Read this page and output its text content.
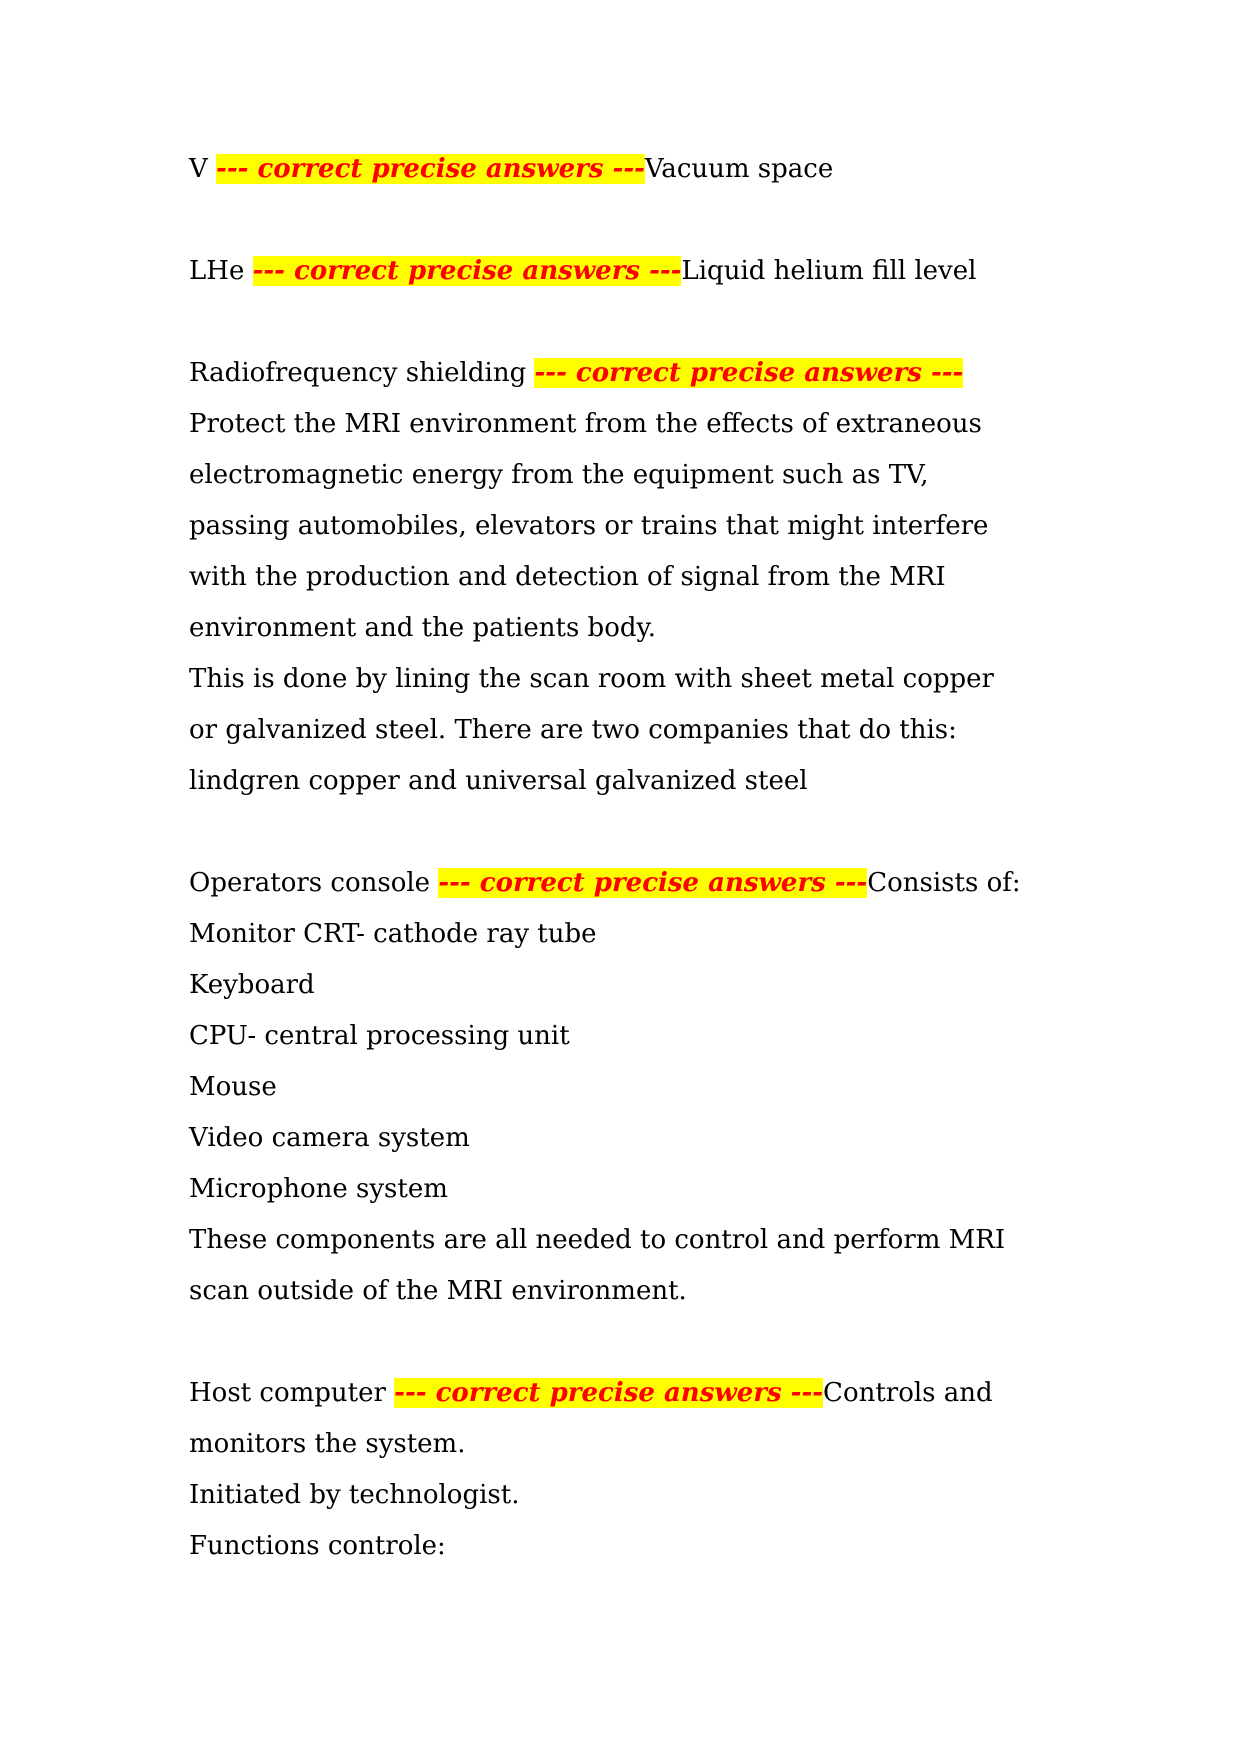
V --- correct precise answers ---Vacuum space
LHe --- correct precise answers ---Liquid helium fill level
Radiofrequency shielding --- correct precise answers ---
Protect the MRI environment from the effects of extraneous
electromagnetic energy from the equipment such as TV,
passing automobiles, elevators or trains that might interfere
with the production and detection of signal from the MRI
environment and the patients body.
This is done by lining the scan room with sheet metal copper
or galvanized steel. There are two companies that do this:
lindgren copper and universal galvanized steel
Operators console --- correct precise answers ---Consists of:
Monitor CRT- cathode ray tube
Keyboard
CPU- central processing unit
Mouse
Video camera system
Microphone system
These components are all needed to control and perform MRI
scan outside of the MRI environment.
Host computer --- correct precise answers ---Controls and
monitors the system.
Initiated by technologist.
Functions controle:
